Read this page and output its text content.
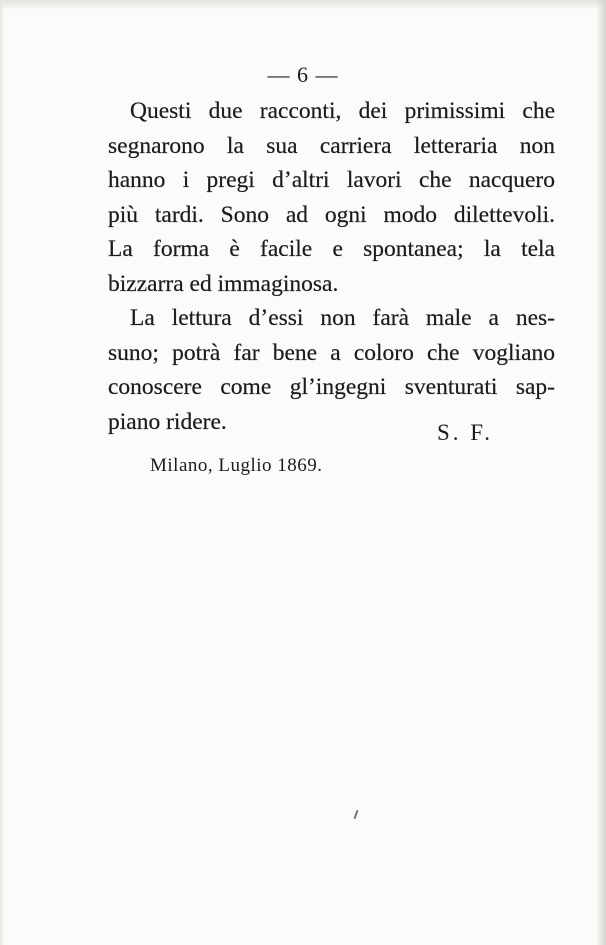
— 6 —
Questi due racconti, dei primissimi che
segnarono la sua carriera letteraria non
hanno i pregi d’altri lavori che nacquero
più tardi. Sono ad ogni modo dilettevoli.
La forma è facile e spontanea; la tela
bizzarra ed immaginosa.
La lettura d’essi non farà male a nes-
suno; potrà far bene a coloro che vogliano
conoscere come gl’ingegni sventurati sap-
piano ridere.	S. F.
Milano, Luglio 1869.
